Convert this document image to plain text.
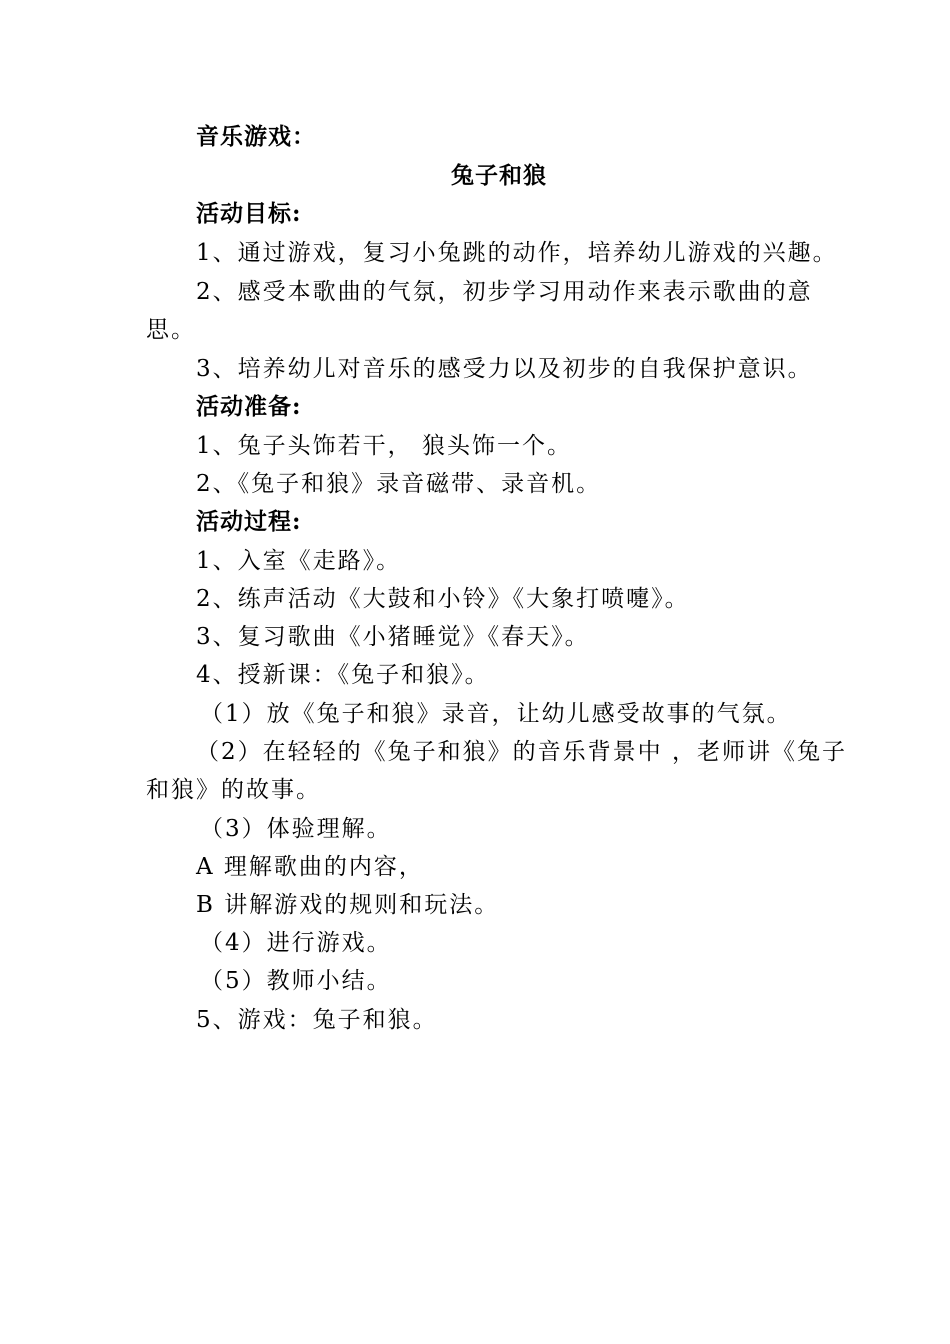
音乐游戏：
兔子和狼
活动目标:
1、通过游戏，复习小兔跳的动作，培养幼儿游戏的兴趣。
2、感受本歌曲的气氛，初步学习用动作来表示歌曲的意
思。
3、培养幼儿对音乐的感受力以及初步的自我保护意识。
活动准备:
1、兔子头饰若干， 狼头饰一个。
2、《兔子和狼》录音磁带、录音机。
活动过程:
1、入室《走路》。
2、练声活动《大鼓和小铃》《大象打喷嚏》。
3、复习歌曲《小猪睡觉》《春天》。
4、授新课：《兔子和狼》。
（1）放《兔子和狼》录音，让幼儿感受故事的气氛。
（2）在轻轻的《兔子和狼》的音乐背景中 ，老师讲《兔子
和狼》的故事。
（3）体验理解。
A 理解歌曲的内容，
B 讲解游戏的规则和玩法。
（4）进行游戏。
（5）教师小结。
5、游戏：兔子和狼。
